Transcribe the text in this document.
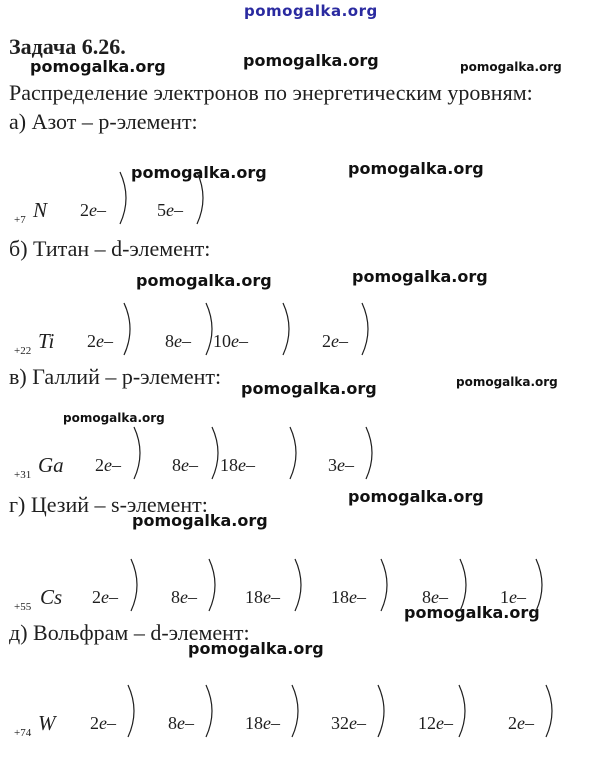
pomogalka.org
pomogalka.org	pomogalka.org	pomogalka.org
pomogalka.org	pomogalka.org
pomogalka.org	pomogalka.org
pomogalka.org	pomogalka.org
pomogalka.org
pomogalka.org
pomogalka.org
pomogalka.org
pomogalka.org
Задача 6.26.
Распределение электронов по энергетическим уровням:
а) Азот – р-элемент:
б) Титан – d-элемент:
в) Галлий – р-элемент:
г) Цезий – s-элемент:
д) Вольфрам – d-элемент:
+7 N 2e–	5e–
+22 Ti 2e–	8e– 10e–	2e–
+31 Ga 2e–	8e– 18e–	3e–
+55 Cs 2e–	8e–	18e–	18e–	8e–	1e–
+74 W 2e–	8e–	18e–	32e–	12e–	2e–
